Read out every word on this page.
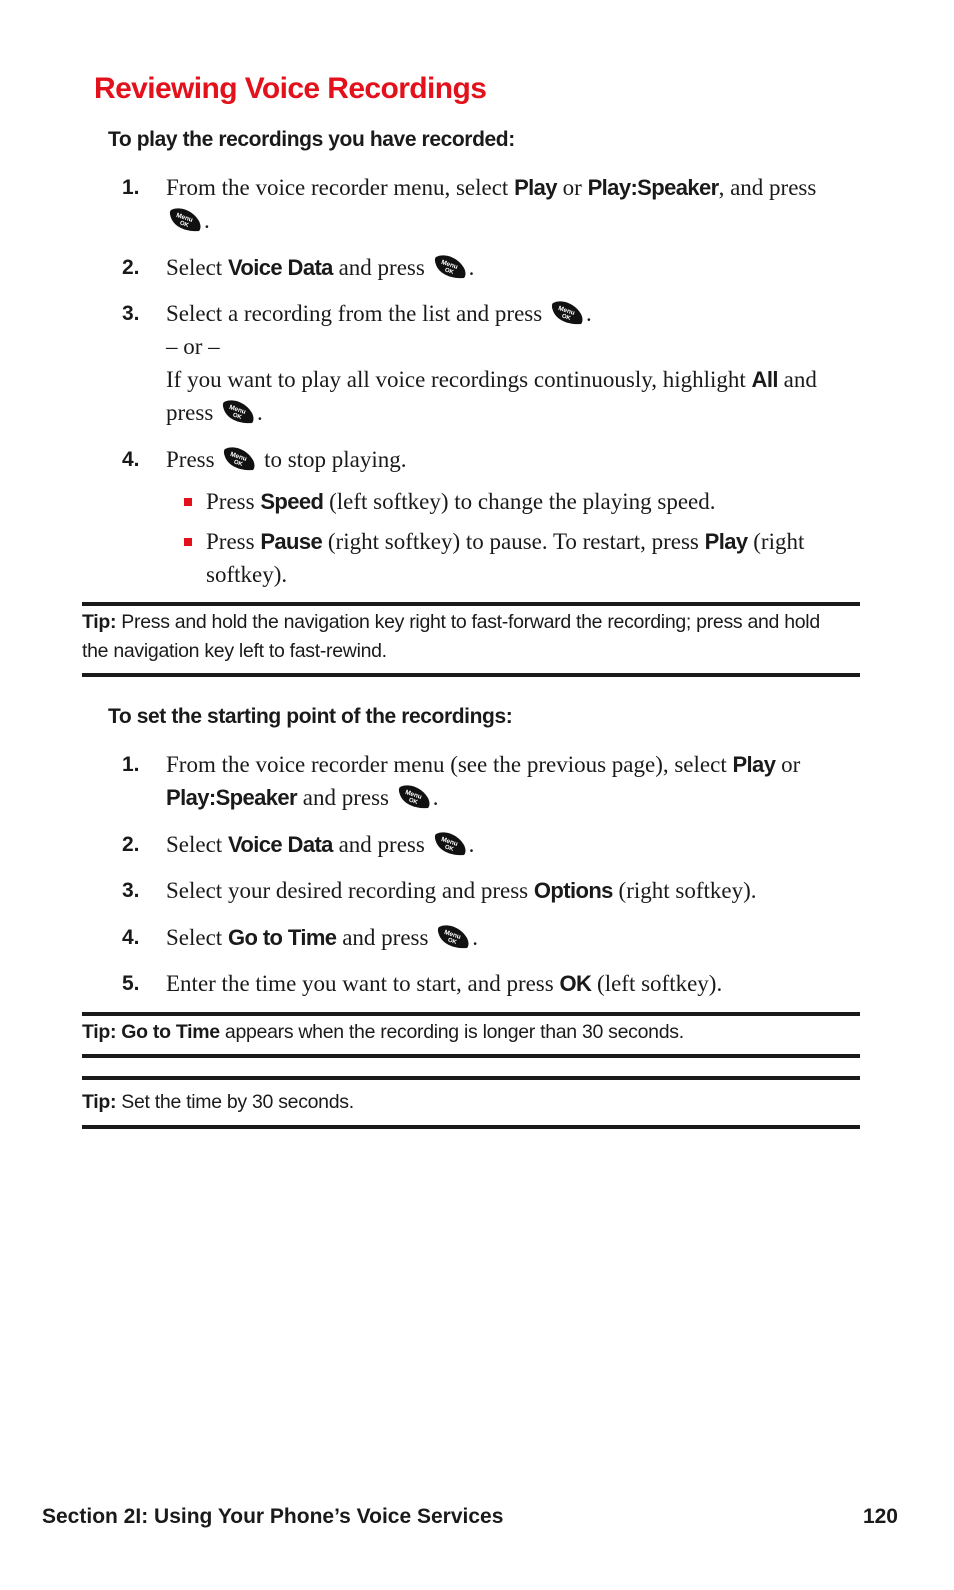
Reviewing Voice Recordings
To play the recordings you have recorded:
1.	From the voice recorder menu, select Play or Play:Speaker, and press .
2.	Select Voice Data and press .
3.	Select a recording from the list and press .
– or –
If you want to play all voice recordings continuously, highlight All and press .
4.	Press  to stop playing.
Press Speed (left softkey) to change the playing speed.
Press Pause (right softkey) to pause. To restart, press Play (right softkey).
Tip: Press and hold the navigation key right to fast-forward the recording; press and hold the navigation key left to fast-rewind.
To set the starting point of the recordings:
1.	From the voice recorder menu (see the previous page), select Play or Play:Speaker and press .
2.	Select Voice Data and press .
3.	Select your desired recording and press Options (right softkey).
4.	Select Go to Time and press .
5.	Enter the time you want to start, and press OK (left softkey).
Tip: Go to Time appears when the recording is longer than 30 seconds.
Tip: Set the time by 30 seconds.
Section 2I: Using Your Phone’s Voice Services	120
